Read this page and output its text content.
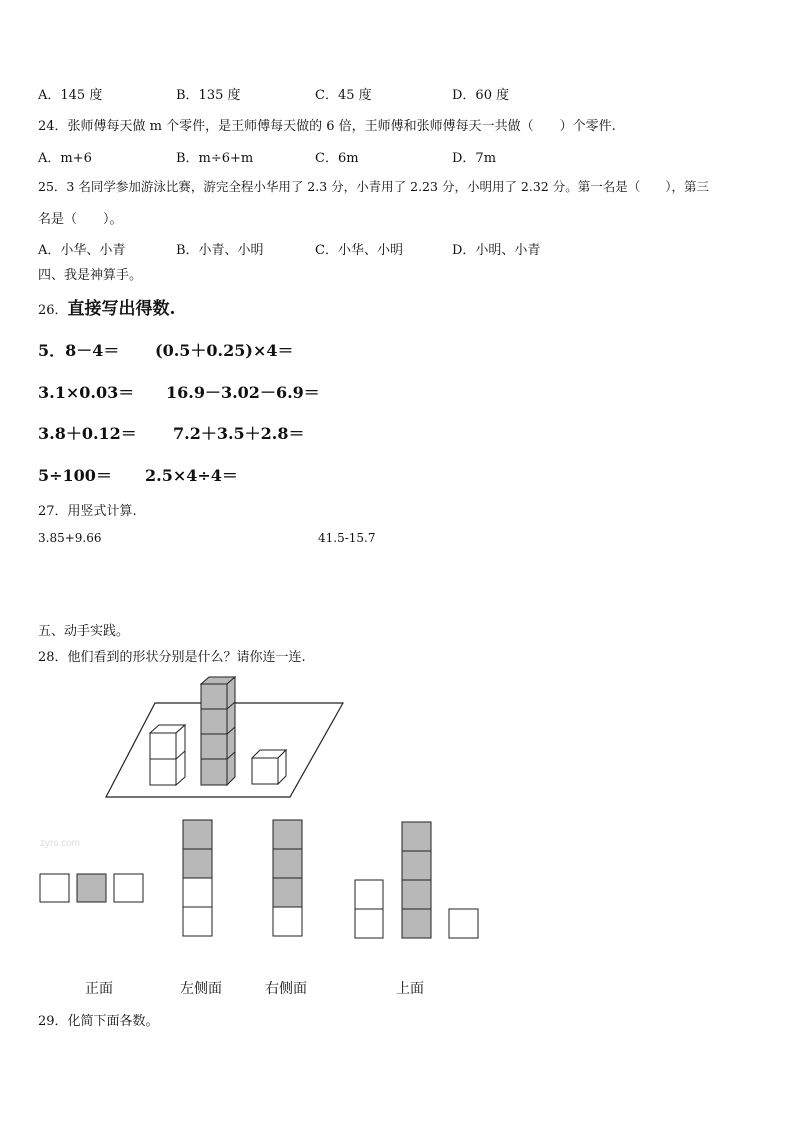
A．145 度	B．135 度	C．45 度	D．60 度
24．张师傅每天做 m 个零件，是王师傅每天做的 6 倍，王师傅和张师傅每天一共做（　　）个零件.
A．m+6	B．m÷6+m	C．6m	D．7m
25．3 名同学参加游泳比赛，游完全程小华用了 2.3 分，小青用了 2.23 分，小明用了 2.32 分。第一名是（　　），第三
名是（　　）。
A．小华、小青	B．小青、小明	C．小华、小明	D．小明、小青
四、我是神算手。
26．直接写出得数.
5．8－4＝ (0.5＋0.25)×4＝
3.1×0.03＝ 16.9－3.02－6.9＝
3.8＋0.12＝ 7.2＋3.5＋2.8＝
5÷100＝ 2.5×4÷4＝
27．用竖式计算.
3.85+9.66	41.5-15.7
五、动手实践。
28．他们看到的形状分别是什么？请你连一连.
zyrs.com
正面	左侧面	右侧面	上面
29．化简下面各数。
